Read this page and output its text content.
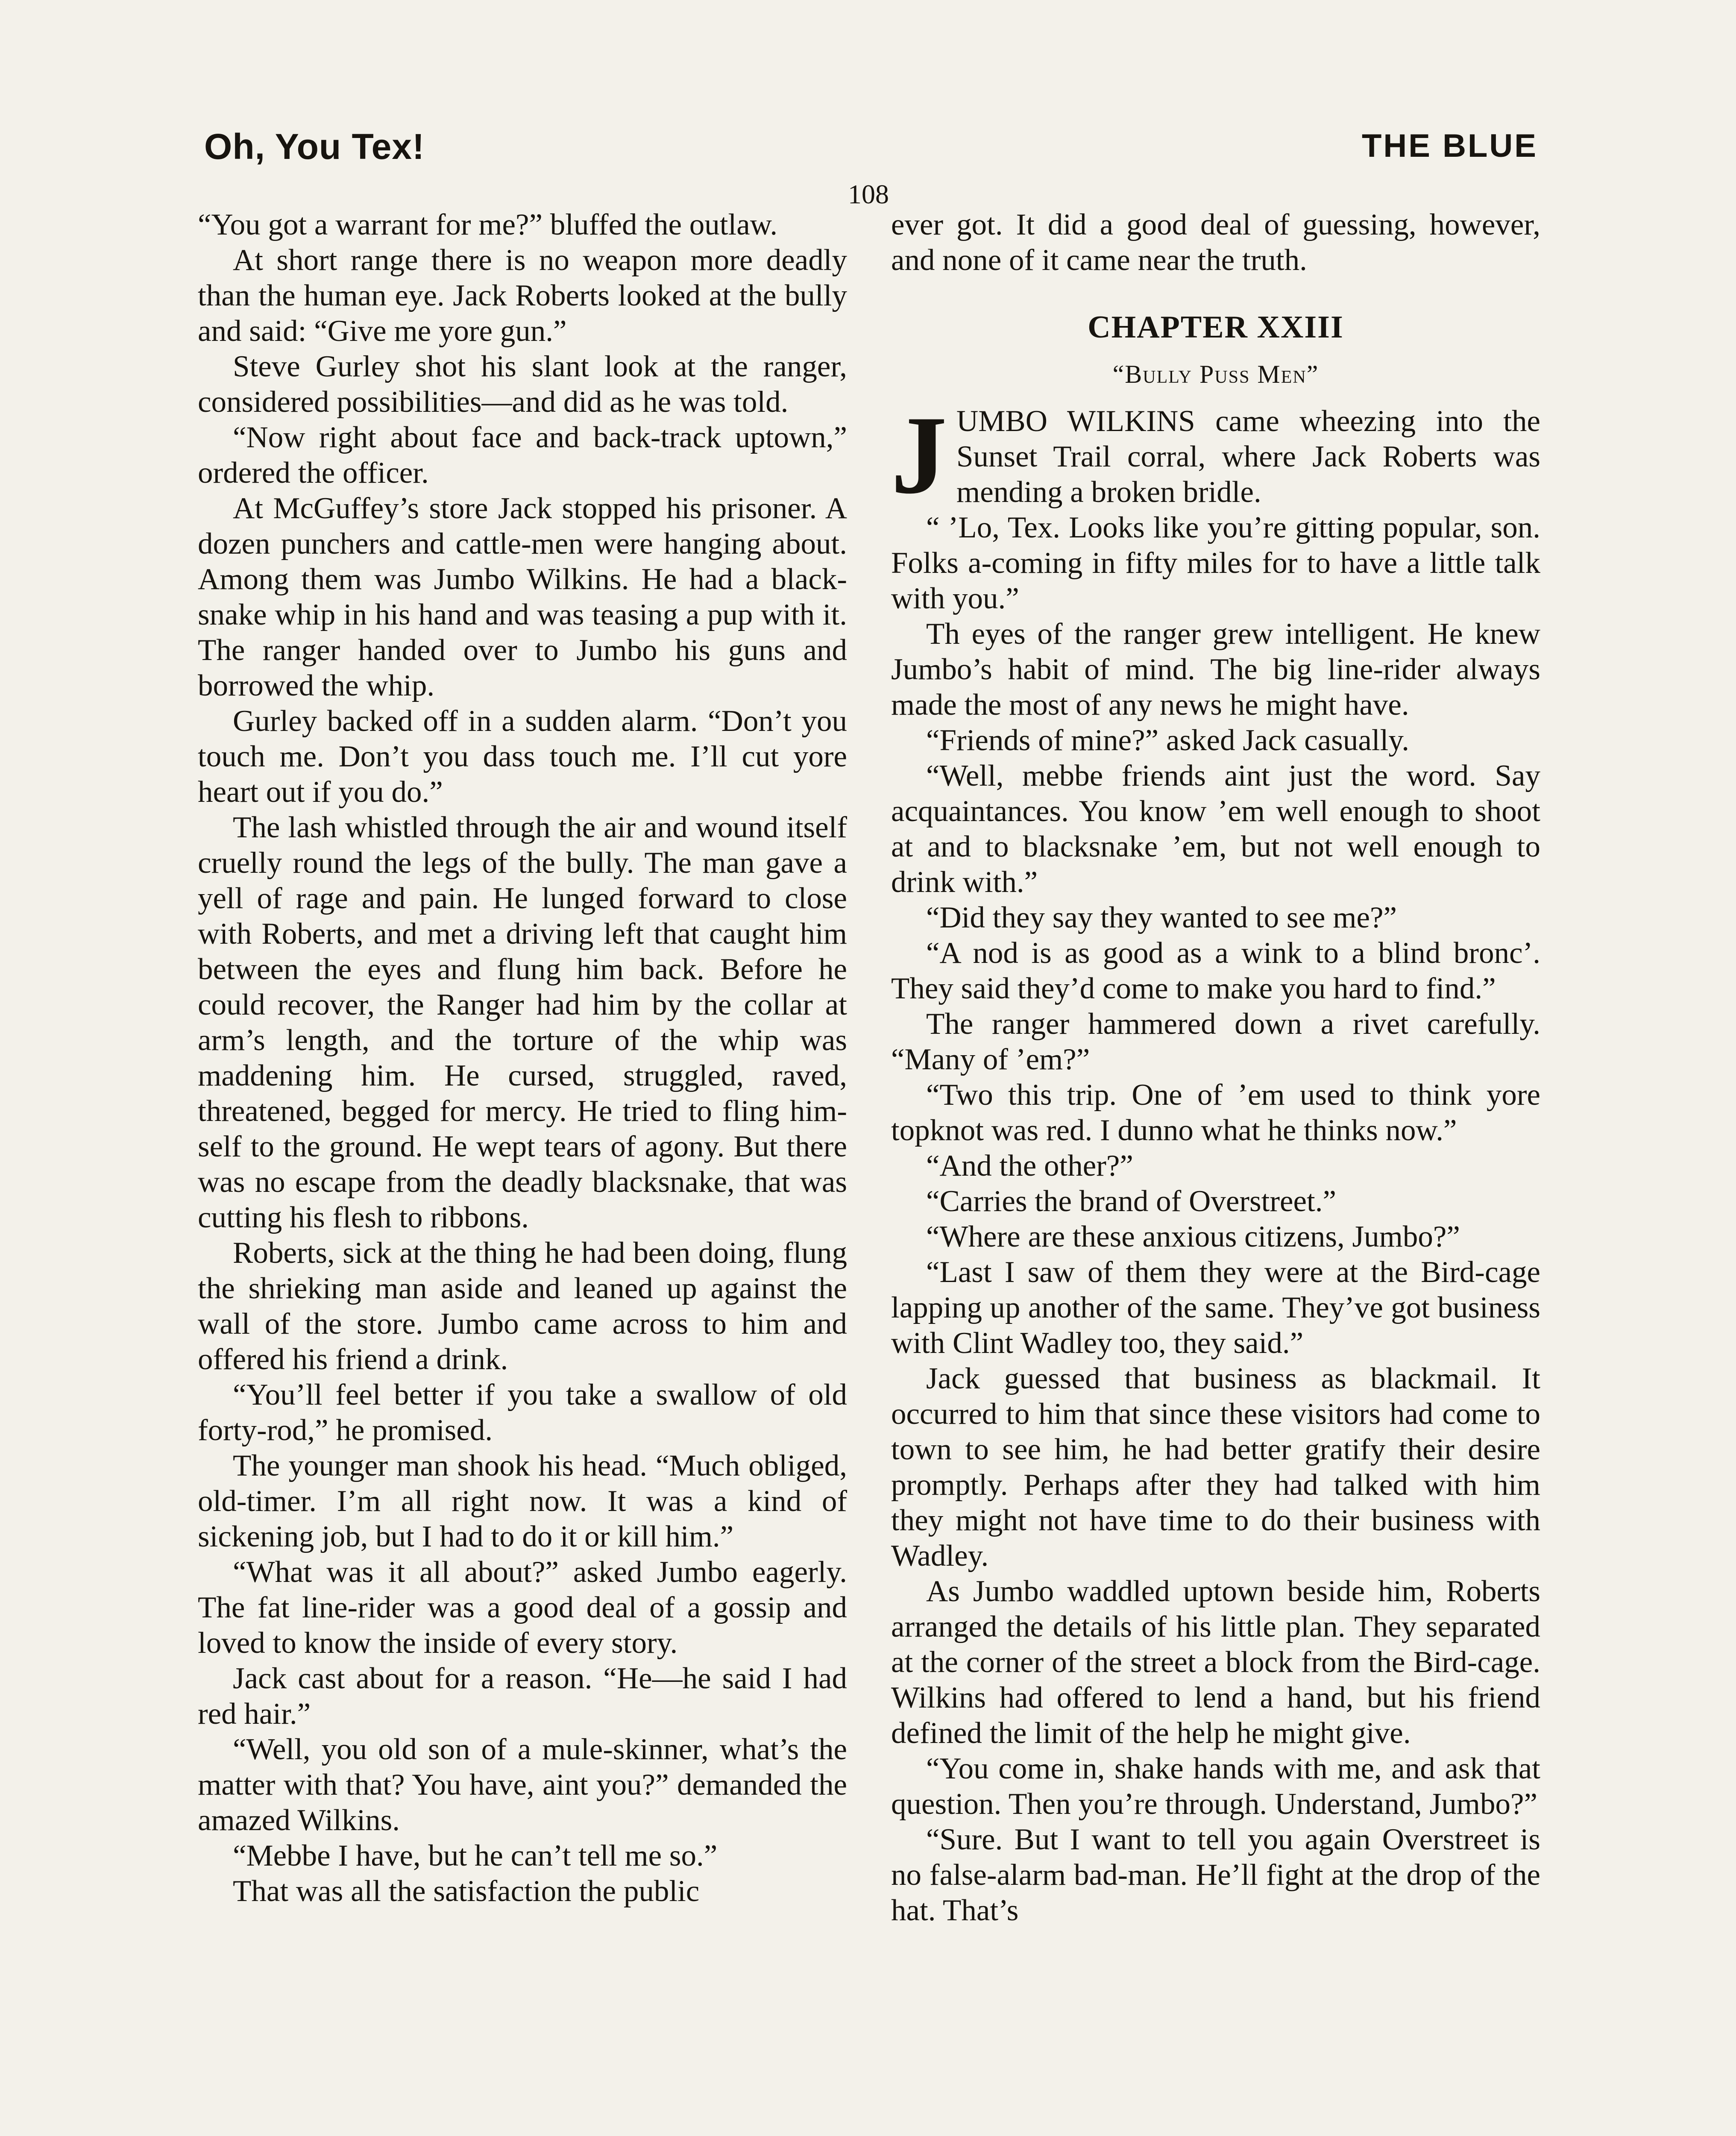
Oh, You Tex!	THE BLUE
108

“You got a warrant for me?” bluffed the outlaw.

At short range there is no weapon more deadly than the human eye. Jack Roberts looked at the bully and said: “Give me yore gun.”

Steve Gurley shot his slant look at the ranger, considered possibilities—and did as he was told.

“Now right about face and back-track uptown,” ordered the officer.

At McGuffey’s store Jack stopped his prisoner. A dozen punchers and cattle-men were hanging about. Among them was Jumbo Wilkins. He had a black-snake whip in his hand and was teasing a pup with it. The ranger handed over to Jumbo his guns and borrowed the whip.

Gurley backed off in a sudden alarm. “Don’t you touch me. Don’t you dass touch me. I’ll cut yore heart out if you do.”

The lash whistled through the air and wound itself cruelly round the legs of the bully. The man gave a yell of rage and pain. He lunged forward to close with Roberts, and met a driving left that caught him between the eyes and flung him back. Before he could recover, the Ranger had him by the collar at arm’s length, and the torture of the whip was maddening him. He cursed, struggled, raved, threatened, begged for mercy. He tried to fling him-self to the ground. He wept tears of agony. But there was no escape from the deadly blacksnake, that was cutting his flesh to ribbons.

Roberts, sick at the thing he had been doing, flung the shrieking man aside and leaned up against the wall of the store. Jumbo came across to him and offered his friend a drink.

“You’ll feel better if you take a swallow of old forty-rod,” he promised.

The younger man shook his head. “Much obliged, old-timer. I’m all right now. It was a kind of sickening job, but I had to do it or kill him.”

“What was it all about?” asked Jumbo eagerly. The fat line-rider was a good deal of a gossip and loved to know the inside of every story.

Jack cast about for a reason. “He—he said I had red hair.”

“Well, you old son of a mule-skinner, what’s the matter with that? You have, aint you?” demanded the amazed Wilkins.

“Mebbe I have, but he can’t tell me so.”

That was all the satisfaction the public

ever got. It did a good deal of guessing, however, and none of it came near the truth.

CHAPTER XXIII
“Bully Puss Men”

JUMBO WILKINS came wheezing into the Sunset Trail corral, where Jack Roberts was mending a broken bridle.

“ ’Lo, Tex. Looks like you’re gitting popular, son. Folks a-coming in fifty miles for to have a little talk with you.”

Th eyes of the ranger grew intelligent. He knew Jumbo’s habit of mind. The big line-rider always made the most of any news he might have.

“Friends of mine?” asked Jack casually.

“Well, mebbe friends aint just the word. Say acquaintances. You know ’em well enough to shoot at and to blacksnake ’em, but not well enough to drink with.”

“Did they say they wanted to see me?”

“A nod is as good as a wink to a blind bronc’. They said they’d come to make you hard to find.”

The ranger hammered down a rivet carefully. “Many of ’em?”

“Two this trip. One of ’em used to think yore topknot was red. I dunno what he thinks now.”

“And the other?”

“Carries the brand of Overstreet.”

“Where are these anxious citizens, Jumbo?”

“Last I saw of them they were at the Bird-cage lapping up another of the same. They’ve got business with Clint Wadley too, they said.”

Jack guessed that business as blackmail. It occurred to him that since these visitors had come to town to see him, he had better gratify their desire promptly. Perhaps after they had talked with him they might not have time to do their business with Wadley.

As Jumbo waddled uptown beside him, Roberts arranged the details of his little plan. They separated at the corner of the street a block from the Bird-cage. Wilkins had offered to lend a hand, but his friend defined the limit of the help he might give.

“You come in, shake hands with me, and ask that question. Then you’re through. Understand, Jumbo?”

“Sure. But I want to tell you again Overstreet is no false-alarm bad-man. He’ll fight at the drop of the hat. That’s
